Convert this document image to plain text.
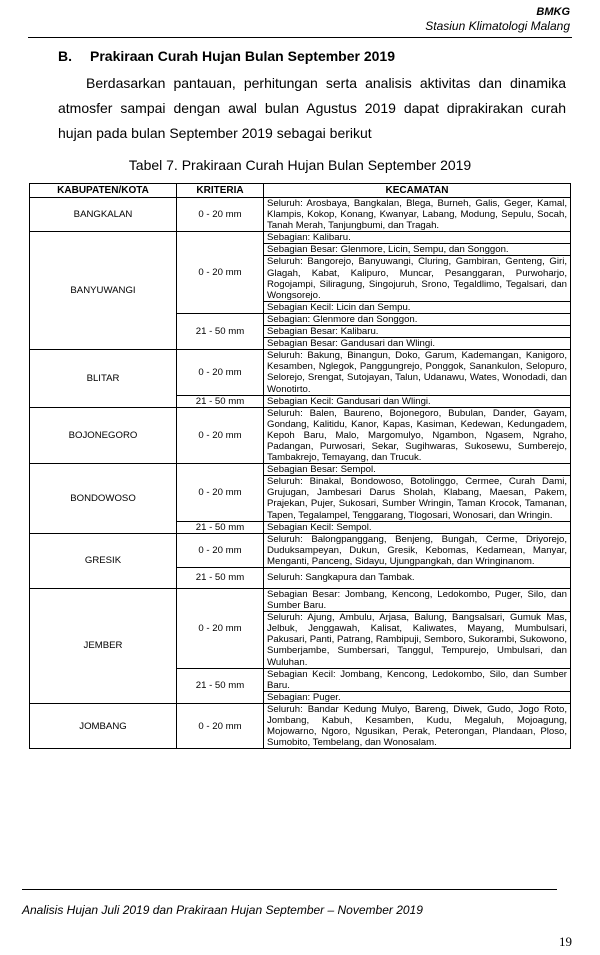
BMKG
Stasiun Klimatologi Malang
B. Prakiraan Curah Hujan Bulan September 2019
Berdasarkan pantauan, perhitungan serta analisis aktivitas dan dinamika atmosfer sampai dengan awal bulan Agustus 2019 dapat diprakirakan curah hujan pada bulan September 2019 sebagai berikut
Tabel 7. Prakiraan Curah Hujan Bulan September 2019
KABUPATEN/KOTA	KRITERIA	KECAMATAN
BANGKALAN	0 - 20 mm	Seluruh: Arosbaya, Bangkalan, Blega, Burneh, Galis, Geger, Kamal, Klampis, Kokop, Konang, Kwanyar, Labang, Modung, Sepulu, Socah, Tanah Merah, Tanjungbumi, dan Tragah.
BANYUWANGI	0 - 20 mm	Sebagian: Kalibaru.
		Sebagian Besar: Glenmore, Licin, Sempu, dan Songgon.
		Seluruh: Bangorejo, Banyuwangi, Cluring, Gambiran, Genteng, Giri, Glagah, Kabat, Kalipuro, Muncar, Pesanggaran, Purwoharjo, Rogojampi, Siliragung, Singojuruh, Srono, Tegaldlimo, Tegalsari, dan Wongsorejo.
		Sebagian Kecil: Licin dan Sempu.
	21 - 50 mm	Sebagian: Glenmore dan Songgon.
		Sebagian Besar: Kalibaru.
		Sebagian Besar: Gandusari dan Wlingi.
BLITAR	0 - 20 mm	Seluruh: Bakung, Binangun, Doko, Garum, Kademangan, Kanigoro, Kesamben, Nglegok, Panggungrejo, Ponggok, Sanankulon, Selopuro, Selorejo, Srengat, Sutojayan, Talun, Udanawu, Wates, Wonodadi, dan Wonotirto.
	21 - 50 mm	Sebagian Kecil: Gandusari dan Wlingi.
BOJONEGORO	0 - 20 mm	Seluruh: Balen, Baureno, Bojonegoro, Bubulan, Dander, Gayam, Gondang, Kalitidu, Kanor, Kapas, Kasiman, Kedewan, Kedungadem, Kepoh Baru, Malo, Margomulyo, Ngambon, Ngasem, Ngraho, Padangan, Purwosari, Sekar, Sugihwaras, Sukosewu, Sumberejo, Tambakrejo, Temayang, dan Trucuk.
BONDOWOSO	0 - 20 mm	Sebagian Besar: Sempol.
		Seluruh: Binakal, Bondowoso, Botolinggo, Cermee, Curah Dami, Grujugan, Jambesari Darus Sholah, Klabang, Maesan, Pakem, Prajekan, Pujer, Sukosari, Sumber Wringin, Taman Krocok, Tamanan, Tapen, Tegalampel, Tenggarang, Tlogosari, Wonosari, dan Wringin.
	21 - 50 mm	Sebagian Kecil: Sempol.
GRESIK	0 - 20 mm	Seluruh: Balongpanggang, Benjeng, Bungah, Cerme, Driyorejo, Duduksampeyan, Dukun, Gresik, Kebomas, Kedamean, Manyar, Menganti, Panceng, Sidayu, Ujungpangkah, dan Wringinanom.
	21 - 50 mm	Seluruh: Sangkapura dan Tambak.
JEMBER	0 - 20 mm	Sebagian Besar: Jombang, Kencong, Ledokombo, Puger, Silo, dan Sumber Baru.
		Seluruh: Ajung, Ambulu, Arjasa, Balung, Bangsalsari, Gumuk Mas, Jelbuk, Jenggawah, Kalisat, Kaliwates, Mayang, Mumbulsari, Pakusari, Panti, Patrang, Rambipuji, Semboro, Sukorambi, Sukowono, Sumberjambe, Sumbersari, Tanggul, Tempurejo, Umbulsari, dan Wuluhan.
	21 - 50 mm	Sebagian Kecil: Jombang, Kencong, Ledokombo, Silo, dan Sumber Baru.
		Sebagian: Puger.
JOMBANG	0 - 20 mm	Seluruh: Bandar Kedung Mulyo, Bareng, Diwek, Gudo, Jogo Roto, Jombang, Kabuh, Kesamben, Kudu, Megaluh, Mojoagung, Mojowarno, Ngoro, Ngusikan, Perak, Peterongan, Plandaan, Ploso, Sumobito, Tembelang, dan Wonosalam.
Analisis Hujan Juli 2019 dan Prakiraan Hujan September – November 2019
19
